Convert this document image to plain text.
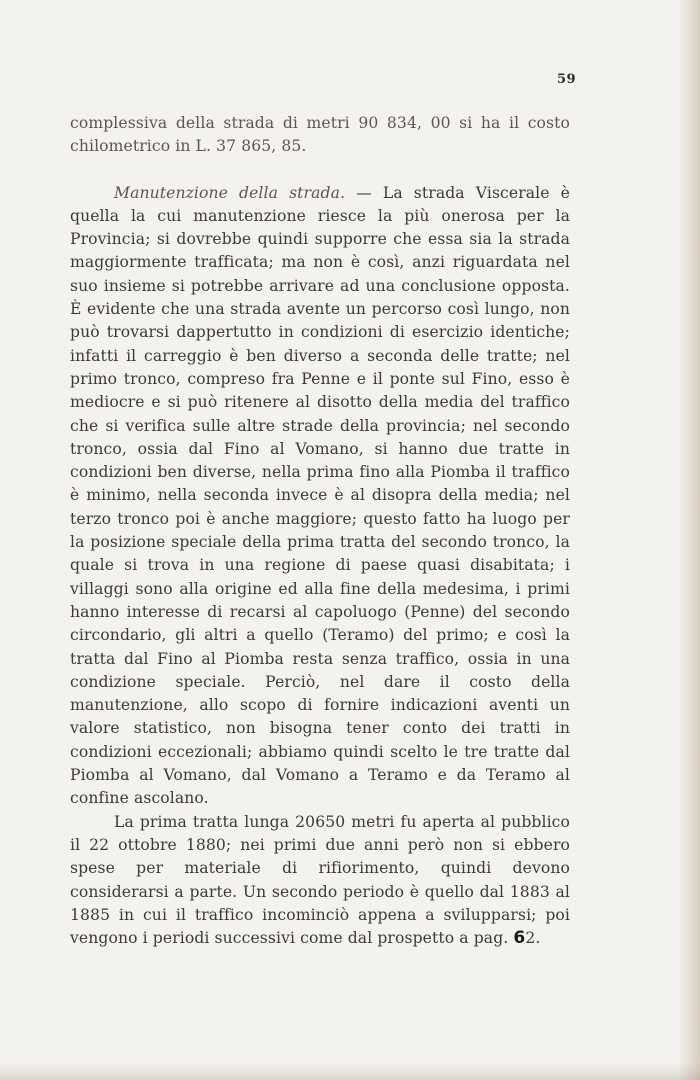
59

complessiva della strada di metri 90 834, 00 si ha il costo chilometrico in L. 37 865, 85.

Manutenzione della strada. — La strada Viscerale è quella la cui manutenzione riesce la più onerosa per la Provincia; si dovrebbe quindi supporre che essa sia la strada maggiormente trafficata; ma non è così, anzi riguardata nel suo insieme si potrebbe arrivare ad una conclusione opposta. È evidente che una strada avente un percorso così lungo, non può trovarsi dappertutto in condizioni di esercizio identiche; infatti il carreggio è ben diverso a seconda delle tratte; nel primo tronco, compreso fra Penne e il ponte sul Fino, esso è mediocre e si può ritenere al disotto della media del traffico che si verifica sulle altre strade della provincia; nel secondo tronco, ossia dal Fino al Vomano, si hanno due tratte in condizioni ben diverse, nella prima fino alla Piomba il traffico è minimo, nella seconda invece è al disopra della media; nel terzo tronco poi è anche maggiore; questo fatto ha luogo per la posizione speciale della prima tratta del secondo tronco, la quale si trova in una regione di paese quasi disabitata; i villaggi sono alla origine ed alla fine della medesima, i primi hanno interesse di recarsi al capoluogo (Penne) del secondo circondario, gli altri a quello (Teramo) del primo; e così la tratta dal Fino al Piomba resta senza traffico, ossia in una condizione speciale. Perciò, nel dare il costo della manutenzione, allo scopo di fornire indicazioni aventi un valore statistico, non bisogna tener conto dei tratti in condizioni eccezionali; abbiamo quindi scelto le tre tratte dal Piomba al Vomano, dal Vomano a Teramo e da Teramo al confine ascolano.

La prima tratta lunga 20650 metri fu aperta al pubblico il 22 ottobre 1880; nei primi due anni però non si ebbero spese per materiale di rifiorimento, quindi devono considerarsi a parte. Un secondo periodo è quello dal 1883 al 1885 in cui il traffico incominciò appena a svilupparsi; poi vengono i periodi successivi come dal prospetto a pag. 62.
